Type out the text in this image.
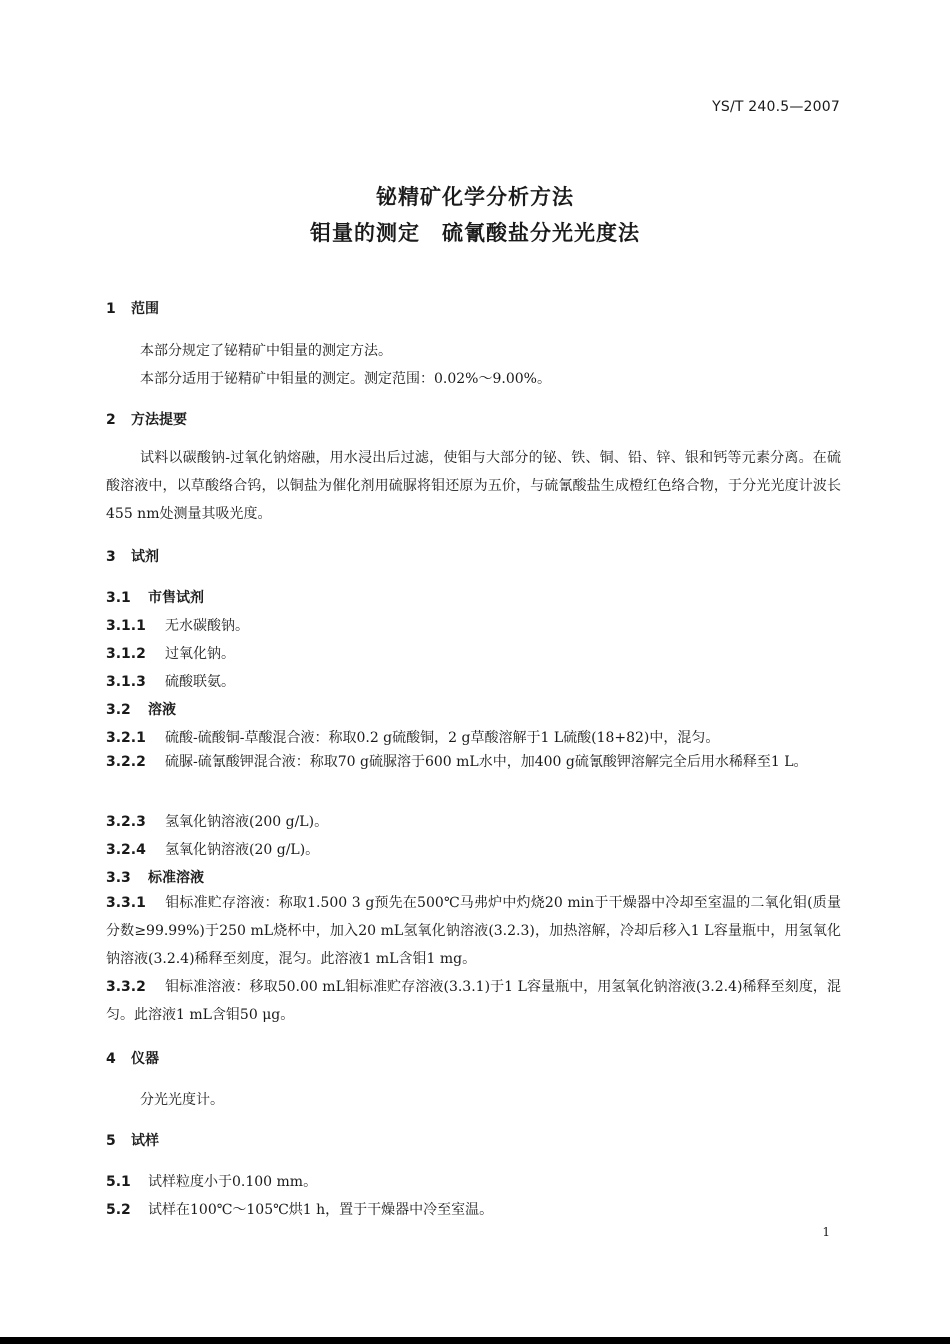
YS/T 240.5—2007
铋精矿化学分析方法
钼量的测定　硫氰酸盐分光光度法
1 范围
本部分规定了铋精矿中钼量的测定方法。
本部分适用于铋精矿中钼量的测定。测定范围：0.02%～9.00%。
2 方法提要
试料以碳酸钠-过氧化钠熔融，用水浸出后过滤，使钼与大部分的铋、铁、铜、铅、锌、银和钙等元素分离。在硫酸溶液中，以草酸络合钨，以铜盐为催化剂用硫脲将钼还原为五价，与硫氰酸盐生成橙红色络合物，于分光光度计波长455 nm处测量其吸光度。
3 试剂
3.1 市售试剂
3.1.1 无水碳酸钠。
3.1.2 过氧化钠。
3.1.3 硫酸联氨。
3.2 溶液
3.2.1 硫酸-硫酸铜-草酸混合液：称取0.2 g硫酸铜，2 g草酸溶解于1 L硫酸(18+82)中，混匀。
3.2.2 硫脲-硫氰酸钾混合液：称取70 g硫脲溶于600 mL水中，加400 g硫氰酸钾溶解完全后用水稀释至1 L。
3.2.3 氢氧化钠溶液(200 g/L)。
3.2.4 氢氧化钠溶液(20 g/L)。
3.3 标准溶液
3.3.1 钼标准贮存溶液：称取1.500 3 g预先在500℃马弗炉中灼烧20 min于干燥器中冷却至室温的二氧化钼(质量分数≥99.99%)于250 mL烧杯中，加入20 mL氢氧化钠溶液(3.2.3)，加热溶解，冷却后移入1 L容量瓶中，用氢氧化钠溶液(3.2.4)稀释至刻度，混匀。此溶液1 mL含钼1 mg。
3.3.2 钼标准溶液：移取50.00 mL钼标准贮存溶液(3.3.1)于1 L容量瓶中，用氢氧化钠溶液(3.2.4)稀释至刻度，混匀。此溶液1 mL含钼50 μg。
4 仪器
分光光度计。
5 试样
5.1 试样粒度小于0.100 mm。
5.2 试样在100℃～105℃烘1 h，置于干燥器中冷至室温。
1
